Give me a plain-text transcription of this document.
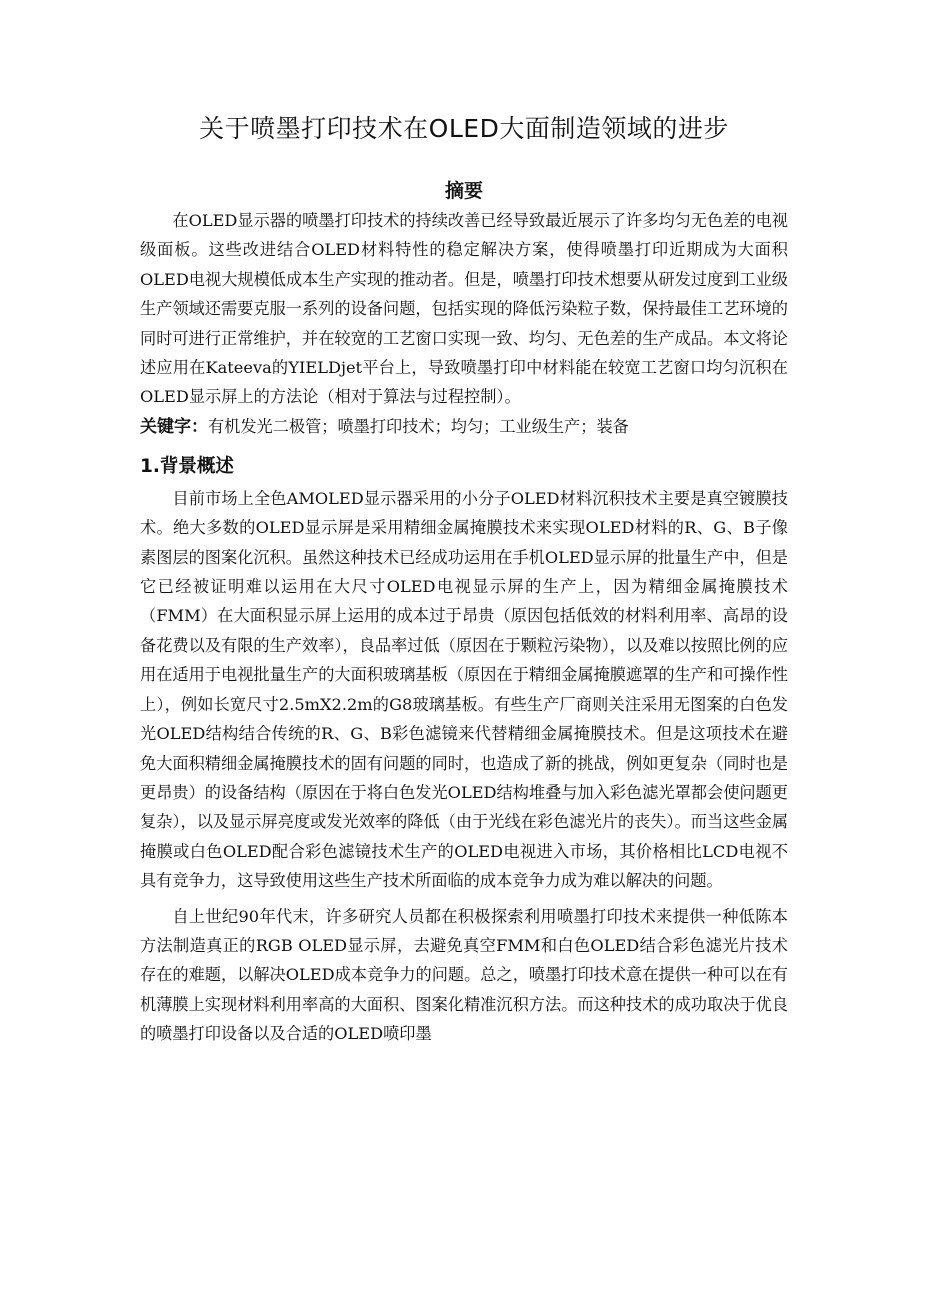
关于喷墨打印技术在OLED大面制造领域的进步
摘要

在OLED显示器的喷墨打印技术的持续改善已经导致最近展示了许多均匀无色差的电视级面板。这些改进结合OLED材料特性的稳定解决方案，使得喷墨打印近期成为大面积OLED电视大规模低成本生产实现的推动者。但是，喷墨打印技术想要从研发过度到工业级生产领域还需要克服一系列的设备问题，包括实现的降低污染粒子数，保持最佳工艺环境的同时可进行正常维护，并在较宽的工艺窗口实现一致、均匀、无色差的生产成品。本文将论述应用在Kateeva的YIELDjet平台上，导致喷墨打印中材料能在较宽工艺窗口均匀沉积在OLED显示屏上的方法论（相对于算法与过程控制）。

关键字：有机发光二极管；喷墨打印技术；均匀；工业级生产；装备

1.背景概述

目前市场上全色AMOLED显示器采用的小分子OLED材料沉积技术主要是真空镀膜技术。绝大多数的OLED显示屏是采用精细金属掩膜技术来实现OLED材料的R、G、B子像素图层的图案化沉积。虽然这种技术已经成功运用在手机OLED显示屏的批量生产中，但是它已经被证明难以运用在大尺寸OLED电视显示屏的生产上，因为精细金属掩膜技术（FMM）在大面积显示屏上运用的成本过于昂贵（原因包括低效的材料利用率、高昂的设备花费以及有限的生产效率），良品率过低（原因在于颗粒污染物），以及难以按照比例的应用在适用于电视批量生产的大面积玻璃基板（原因在于精细金属掩膜遮罩的生产和可操作性上），例如长宽尺寸2.5mX2.2m的G8玻璃基板。有些生产厂商则关注采用无图案的白色发光OLED结构结合传统的R、G、B彩色滤镜来代替精细金属掩膜技术。但是这项技术在避免大面积精细金属掩膜技术的固有问题的同时，也造成了新的挑战，例如更复杂（同时也是更昂贵）的设备结构（原因在于将白色发光OLED结构堆叠与加入彩色滤光罩都会使问题更复杂），以及显示屏亮度或发光效率的降低（由于光线在彩色滤光片的丧失）。而当这些金属掩膜或白色OLED配合彩色滤镜技术生产的OLED电视进入市场，其价格相比LCD电视不具有竞争力，这导致使用这些生产技术所面临的成本竞争力成为难以解决的问题。

自上世纪90年代末，许多研究人员都在积极探索利用喷墨打印技术来提供一种低陈本方法制造真正的RGB OLED显示屏，去避免真空FMM和白色OLED结合彩色滤光片技术存在的难题，以解决OLED成本竞争力的问题。总之，喷墨打印技术意在提供一种可以在有机薄膜上实现材料利用率高的大面积、图案化精准沉积方法。而这种技术的成功取决于优良的喷墨打印设备以及合适的OLED喷印墨
